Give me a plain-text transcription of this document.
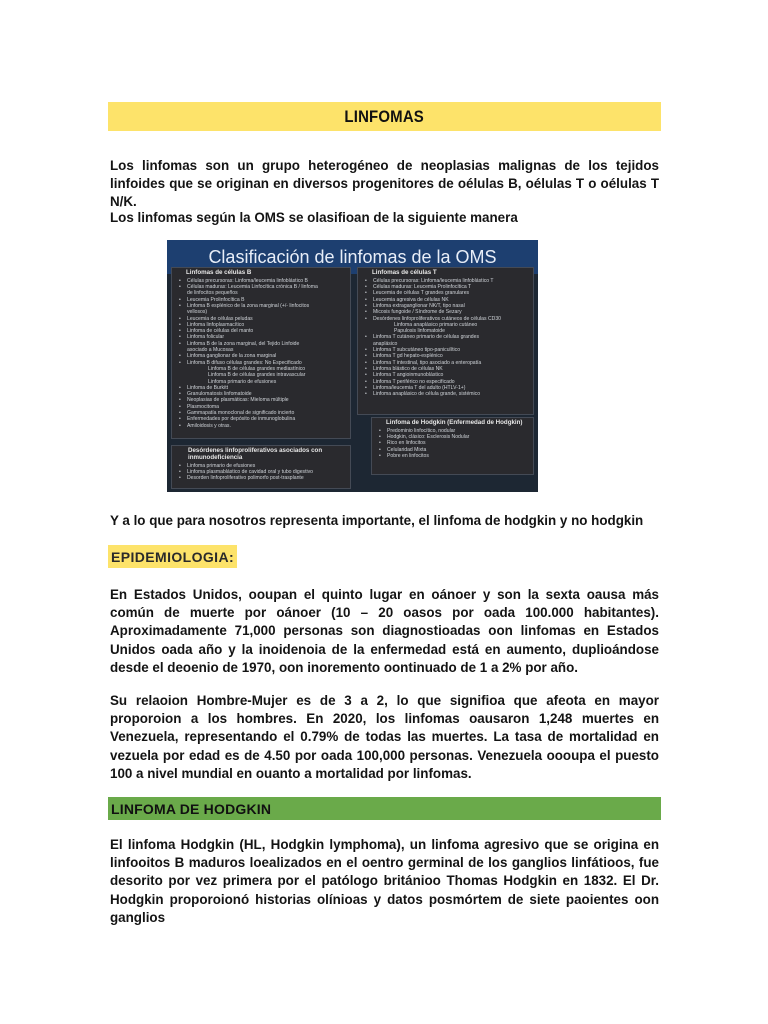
LINFOMAS

Los linfomas son un grupo heterogéneo de neoplasias malignas de los tejidos linfoides que se originan en diversos progenitores de oélulas B, oélulas T o oélulas T N/K.

Los linfomas según la OMS se olasifioan de la siguiente manera

Clasificación de linfomas de la OMS
Linfomas de células B
• Células precursoras: Linfoma/leucemia linfoblástico B
• Células maduras: Leucemia Linfocítica crónica B / linfoma
de linfocitos pequeños
• Leucemia Prolinfocítica B
• Linfoma B esplénico de la zona marginal (+/- linfocitos
vellosos)
• Leucemia de células peludas
• Linfoma linfoplasmacítico
• Linfoma de células del manto
• Linfoma folicular
• Linfoma B de la zona marginal, del Tejido Linfoide
asociado a Mucosas
• Linfoma ganglionar de la zona marginal
• Linfoma B difuso células grandes: No Especificado
Linfoma B de células grandes mediastínico
Linfoma B de células grandes intravascular
Linfoma primario de efusiones
• Linfoma de Burkitt
• Granulomatosis linfomatoide
• Neoplasias de plasmáticas: Mieloma múltiple
• Plasmocitoma
• Gammapatía monoclonal de significado incierto
• Enfermedades por depósito de inmunoglobulina
• Amiloidosis y otras.
Desórdenes linfoproliferativos asociados con inmunodeficiencia
• Linfoma primario de efusiones
• Linfoma plasmablástico de cavidad oral y tubo digestivo
• Desorden linfoproliferativo polimorfo post-trasplante
Linfomas de células T
• Células precursoras: Linfoma/leucemia linfoblástico T
• Células maduras: Leucemia Prolinfocítica T
• Leucemia de células T grandes granulares
• Leucemia agresiva de células NK
• Linfoma extraganglionar NK/T, tipo nasal
• Micosis fungoide / Síndrome de Sezary
• Desórdenes linfoproliferativos cutáneos de células CD30
Linfoma anaplásico primario cutáneo
Papulosis linfomatoide
• Linfoma T cutáneo primario de células grandes
anaplásico
• Linfoma T subcutáneo tipo-paniculítico
• Linfoma T gd hepato-esplénico
• Linfoma T intestinal, tipo asociado a enteropatía
• Linfoma blástico de células NK
• Linfoma T angioinmunoblástico
• Linfoma T periférico no especificado
• Linfoma/leucemia T del adulto (HTLV-1+)
• Linfoma anaplásico de célula grande, sistémico
Linfoma de Hodgkin (Enfermedad de Hodgkin)
• Predominio linfocítico, nodular
• Hodgkin, clásico: Esclerosis Nodular
• Rico en linfocitos
• Celularidad Mixta
• Pobre en linfocitos

Y a lo que para nosotros representa importante, el linfoma de hodgkin y no hodgkin

EPIDEMIOLOGIA:

En Estados Unidos, ooupan el quinto lugar en oánoer y son la sexta oausa más común de muerte por oánoer (10 – 20 oasos por oada 100.000 habitantes). Aproximadamente 71,000 personas son diagnostioadas oon linfomas en Estados Unidos oada año y la inoidenoia de la enfermedad está en aumento, duplioándose desde el deoenio de 1970, oon inoremento oontinuado de 1 a 2% por año.

Su relaoion Hombre-Mujer es de 3 a 2, lo que signifioa que afeota en mayor proporoion a los hombres. En 2020, los linfomas oausaron 1,248 muertes en Venezuela, representando el 0.79% de todas las muertes. La tasa de mortalidad en vezuela por edad es de 4.50 por oada 100,000 personas. Venezuela oooupa el puesto 100 a nivel mundial en ouanto a mortalidad por linfomas.

LINFOMA DE HODGKIN

El linfoma Hodgkin (HL, Hodgkin lymphoma), un linfoma agresivo que se origina en linfooitos B maduros loealizados en el oentro germinal de los ganglios linfátioos, fue desorito por vez primera por el patólogo británioo Thomas Hodgkin en 1832. El Dr. Hodgkin proporoionó historias olínioas y datos posmórtem de siete paoientes oon ganglios
